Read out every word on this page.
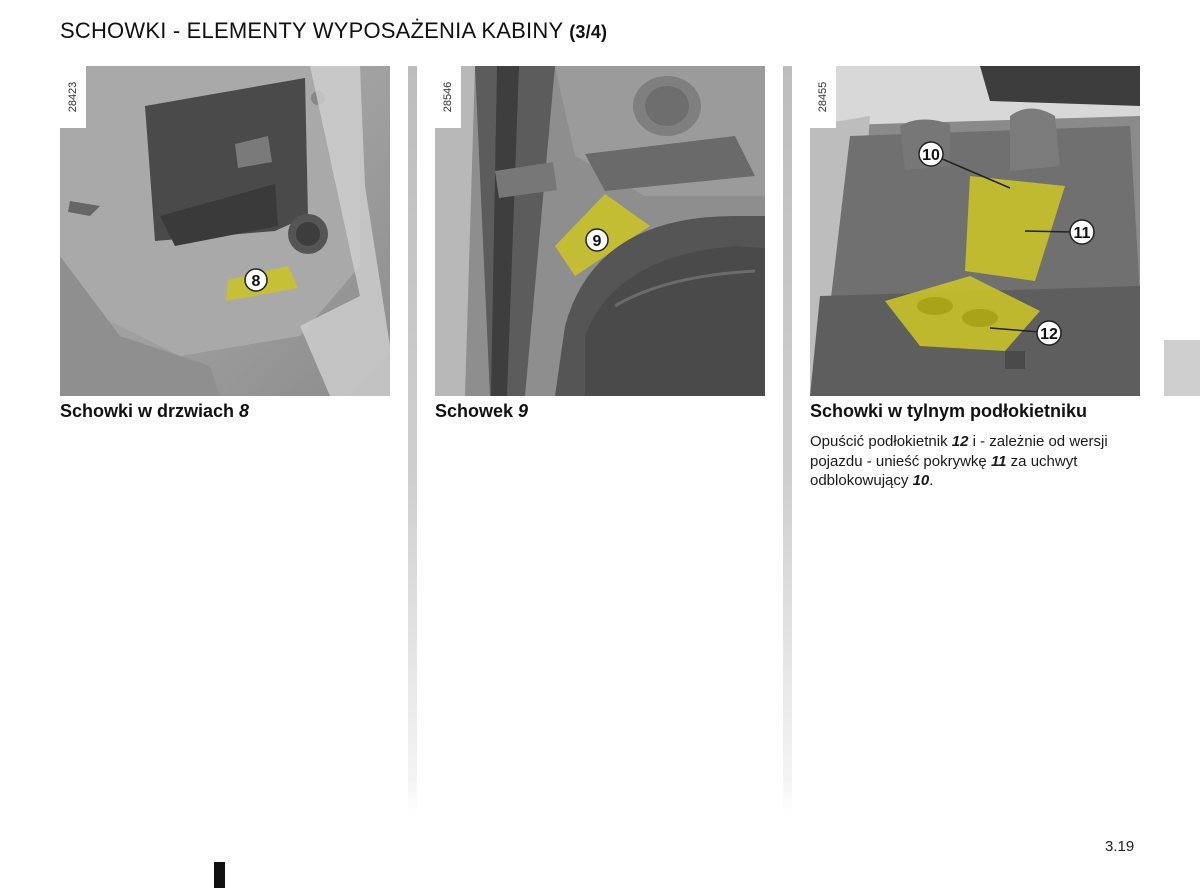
SCHOWKI - ELEMENTY WYPOSAŻENIA KABINY (3/4)
8
28423

Schowki w drzwiach 8

9
28546

Schowek 9

10
11
12
28455

Schowki w tylnym podłokietniku

Opuścić podłokietnik 12 i - zależnie od wersji pojazdu - unieść pokrywkę 11 za uchwyt odblokowujący 10.

3.19
